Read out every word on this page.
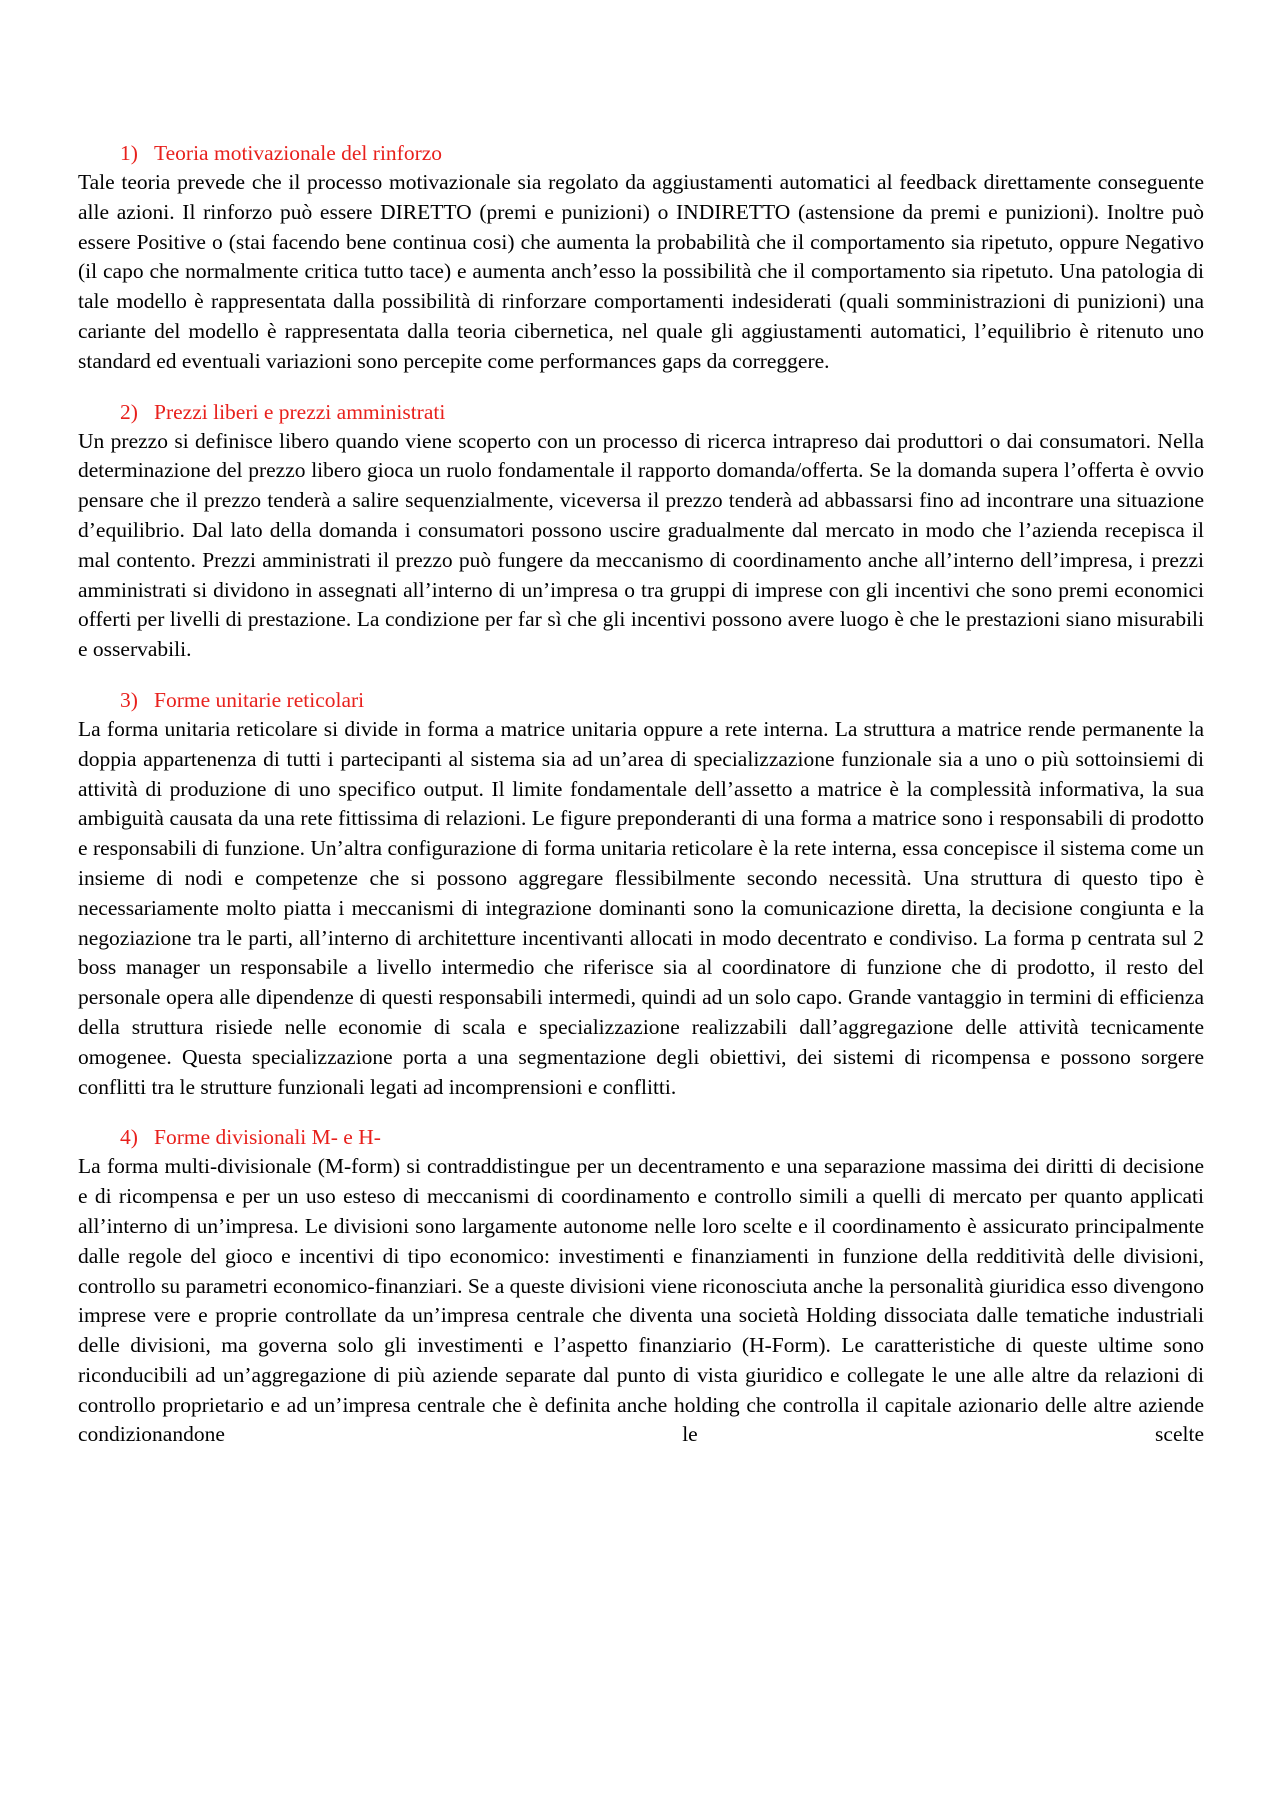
1) Teoria motivazionale del rinforzo

Tale teoria prevede che il processo motivazionale sia regolato da aggiustamenti automatici al feedback direttamente conseguente alle azioni. Il rinforzo può essere DIRETTO (premi e punizioni) o INDIRETTO (astensione da premi e punizioni). Inoltre può essere Positive o (stai facendo bene continua cosi) che aumenta la probabilità che il comportamento sia ripetuto, oppure Negativo (il capo che normalmente critica tutto tace) e aumenta anch’esso la possibilità che il comportamento sia ripetuto. Una patologia di tale modello è rappresentata dalla possibilità di rinforzare comportamenti indesiderati (quali somministrazioni di punizioni) una cariante del modello è rappresentata dalla teoria cibernetica, nel quale gli aggiustamenti automatici, l’equilibrio è ritenuto uno standard ed eventuali variazioni sono percepite come performances gaps da correggere.

2) Prezzi liberi e prezzi amministrati

Un prezzo si definisce libero quando viene scoperto con un processo di ricerca intrapreso dai produttori o dai consumatori. Nella determinazione del prezzo libero gioca un ruolo fondamentale il rapporto domanda/offerta. Se la domanda supera l’offerta è ovvio pensare che il prezzo tenderà a salire sequenzialmente, viceversa il prezzo tenderà ad abbassarsi fino ad incontrare una situazione d’equilibrio. Dal lato della domanda i consumatori possono uscire gradualmente dal mercato in modo che l’azienda recepisca il mal contento. Prezzi amministrati il prezzo può fungere da meccanismo di coordinamento anche all’interno dell’impresa, i prezzi amministrati si dividono in assegnati all’interno di un’impresa o tra gruppi di imprese con gli incentivi che sono premi economici offerti per livelli di prestazione. La condizione per far sì che gli incentivi possono avere luogo è che le prestazioni siano misurabili e osservabili.

3) Forme unitarie reticolari

La forma unitaria reticolare si divide in forma a matrice unitaria oppure a rete interna. La struttura a matrice rende permanente la doppia appartenenza di tutti i partecipanti al sistema sia ad un’area di specializzazione funzionale sia a uno o più sottoinsiemi di attività di produzione di uno specifico output. Il limite fondamentale dell’assetto a matrice è la complessità informativa, la sua ambiguità causata da una rete fittissima di relazioni. Le figure preponderanti di una forma a matrice sono i responsabili di prodotto e responsabili di funzione. Un’altra configurazione di forma unitaria reticolare è la rete interna, essa concepisce il sistema come un insieme di nodi e competenze che si possono aggregare flessibilmente secondo necessità. Una struttura di questo tipo è necessariamente molto piatta i meccanismi di integrazione dominanti sono la comunicazione diretta, la decisione congiunta e la negoziazione tra le parti, all’interno di architetture incentivanti allocati in modo decentrato e condiviso. La forma p centrata sul 2 boss manager un responsabile a livello intermedio che riferisce sia al coordinatore di funzione che di prodotto, il resto del personale opera alle dipendenze di questi responsabili intermedi, quindi ad un solo capo. Grande vantaggio in termini di efficienza della struttura risiede nelle economie di scala e specializzazione realizzabili dall’aggregazione delle attività tecnicamente omogenee. Questa specializzazione porta a una segmentazione degli obiettivi, dei sistemi di ricompensa e possono sorgere conflitti tra le strutture funzionali legati ad incomprensioni e conflitti.

4) Forme divisionali M- e H-

La forma multi-divisionale (M-form) si contraddistingue per un decentramento e una separazione massima dei diritti di decisione e di ricompensa e per un uso esteso di meccanismi di coordinamento e controllo simili a quelli di mercato per quanto applicati all’interno di un’impresa. Le divisioni sono largamente autonome nelle loro scelte e il coordinamento è assicurato principalmente dalle regole del gioco e incentivi di tipo economico: investimenti e finanziamenti in funzione della redditività delle divisioni, controllo su parametri economico-finanziari. Se a queste divisioni viene riconosciuta anche la personalità giuridica esso divengono imprese vere e proprie controllate da un’impresa centrale che diventa una società Holding dissociata dalle tematiche industriali delle divisioni, ma governa solo gli investimenti e l’aspetto finanziario (H-Form). Le caratteristiche di queste ultime sono riconducibili ad un’aggregazione di più aziende separate dal punto di vista giuridico e collegate le une alle altre da relazioni di controllo proprietario e ad un’impresa centrale che è definita anche holding che controlla il capitale azionario delle altre aziende condizionandone le scelte
